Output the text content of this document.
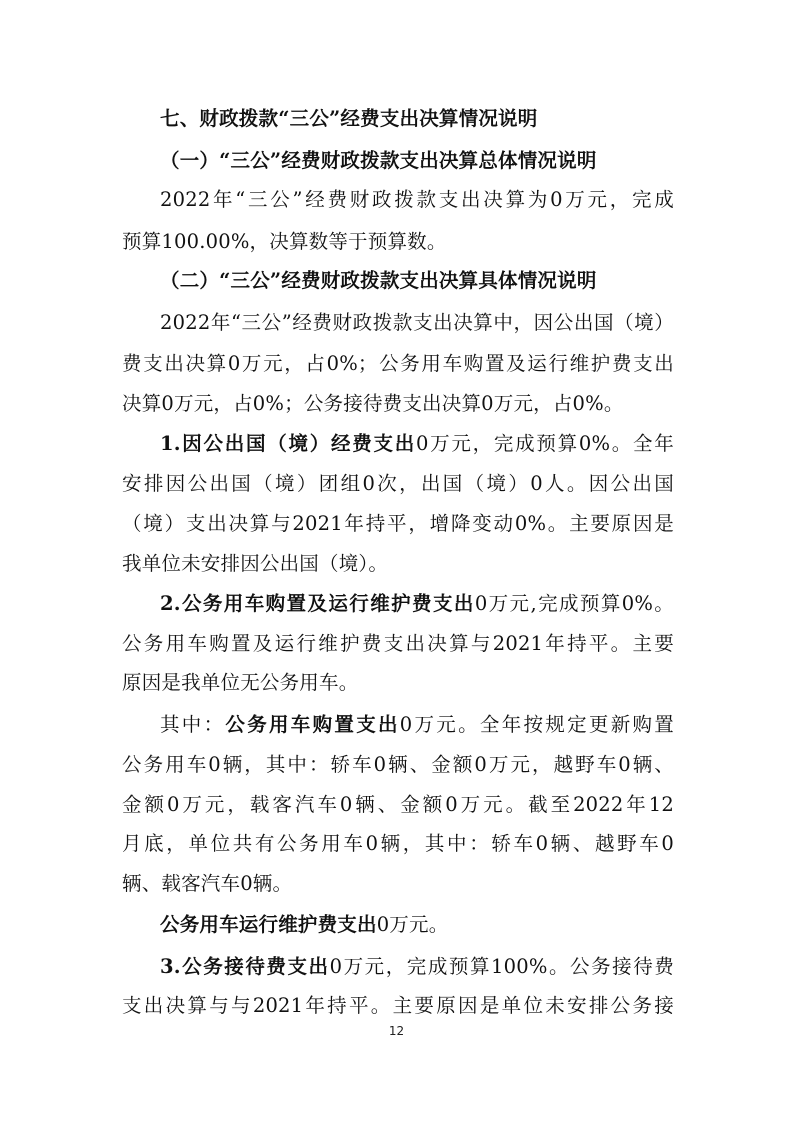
七、财政拨款“三公”经费支出决算情况说明
（一）“三公”经费财政拨款支出决算总体情况说明
2022年“三公”经费财政拨款支出决算为0万元，完成
预算100.00%，决算数等于预算数。
（二）“三公”经费财政拨款支出决算具体情况说明
2022年“三公”经费财政拨款支出决算中，因公出国（境）
费支出决算0万元，占0%；公务用车购置及运行维护费支出
决算0万元，占0%；公务接待费支出决算0万元，占0%。
1.因公出国（境）经费支出0万元，完成预算0%。全年
安排因公出国（境）团组0次，出国（境）0人。因公出国
（境）支出决算与2021年持平，增降变动0%。主要原因是
我单位未安排因公出国（境）。
2.公务用车购置及运行维护费支出0万元,完成预算0%。
公务用车购置及运行维护费支出决算与2021年持平。主要
原因是我单位无公务用车。
其中：公务用车购置支出0万元。全年按规定更新购置
公务用车0辆，其中：轿车0辆、金额0万元，越野车0辆、
金额0万元，载客汽车0辆、金额0万元。截至2022年12
月底，单位共有公务用车0辆，其中：轿车0辆、越野车0
辆、载客汽车0辆。
公务用车运行维护费支出0万元。
3.公务接待费支出0万元，完成预算100%。公务接待费
支出决算与与2021年持平。主要原因是单位未安排公务接
12
